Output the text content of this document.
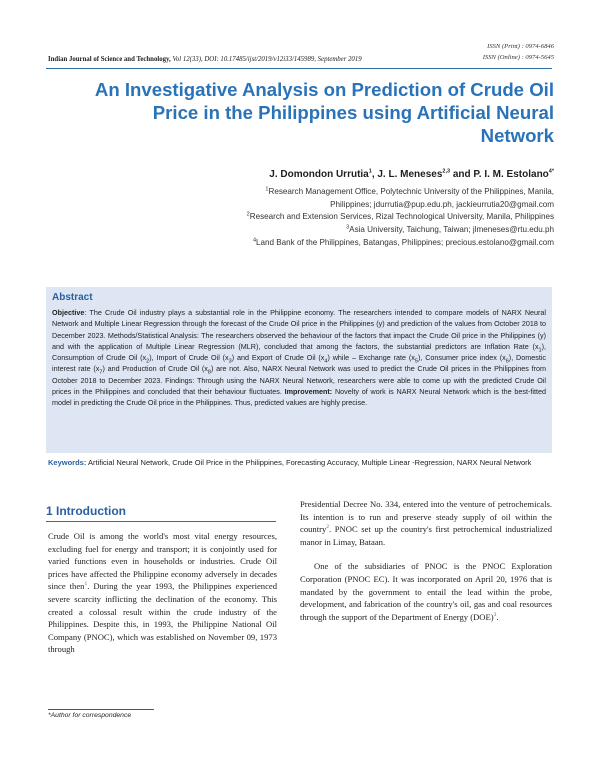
ISSN (Print) : 0974-6846
ISSN (Online) : 0974-5645
Indian Journal of Science and Technology, Vol 12(33), DOI: 10.17485/ijst/2019/v12i33/145989, September 2019
An Investigative Analysis on Prediction of Crude Oil Price in the Philippines using Artificial Neural Network
J. Domondon Urrutia$^1$, J. L. Meneses$^{2,3}$ and P. I. M. Estolano$^{4*}$
$^1$Research Management Office, Polytechnic University of the Philippines, Manila,
Philippines; jdurrutia@pup.edu.ph, jackieurrutia20@gmail.com
$^2$Research and Extension Services, Rizal Technological University, Manila, Philippines
$^3$Asia University, Taichung, Taiwan; jlmeneses@rtu.edu.ph
$^4$Land Bank of the Philippines, Batangas, Philippines; precious.estolano@gmail.com
Abstract
Objective: The Crude Oil industry plays a substantial role in the Philippine economy. The researchers intended to compare models of NARX Neural Network and Multiple Linear Regression through the forecast of the Crude Oil price in the Philippines (y) and prediction of the values from October 2018 to December 2023. Methods/Statistical Analysis: The researchers observed the behaviour of the factors that impact the Crude Oil price in the Philippines (y) and with the application of Multiple Linear Regression (MLR), concluded that among the factors, the substantial predictors are Inflation Rate $(x_1)$, Consumption of Crude Oil $(x_2)$, Import of Crude Oil $(x_3)$ and Export of Crude Oil $(x_4)$ while – Exchange rate $(x_5)$, Consumer price index $(x_6)$, Domestic interest rate $(x_7)$ and Production of Crude Oil $(x_8)$ are not. Also, NARX Neural Network was used to predict the Crude Oil prices in the Philippines from October 2018 to December 2023. Findings: Through using the NARX Neural Network, researchers were able to come up with the predicted Crude Oil prices in the Philippines and concluded that their behaviour fluctuates. Improvement: Novelty of work is NARX Neural Network which is the best-fitted model in predicting the Crude Oil price in the Philippines. Thus, predicted values are highly precise.
Keywords: Artificial Neural Network, Crude Oil Price in the Philippines, Forecasting Accuracy, Multiple Linear -Regression, NARX Neural Network
1 Introduction

Crude Oil is among the world's most vital energy resources, excluding fuel for energy and transport; it is conjointly used for varied functions even in households or industries. Crude Oil prices have affected the Philippine economy adversely in decades since then$^1$. During the year 1993, the Philippines experienced severe scarcity inflicting the declination of the economy. This created a colossal result within the crude industry of the Philippines. Despite this, in 1993, the Philippine National Oil Company (PNOC), which was established on November 09, 1973 through

Presidential Decree No. 334, entered into the venture of petrochemicals. Its intention is to run and preserve steady supply of oil within the country$^2$. PNOC set up the country's first petrochemical industrialized manor in Limay, Bataan.

One of the subsidiaries of PNOC is the PNOC Exploration Corporation (PNOC EC). It was incorporated on April 20, 1976 that is mandated by the government to entail the lead within the probe, development, and fabrication of the country's oil, gas and coal resources through the support of the Department of Energy (DOE)$^3$.

*Author for correspondence
